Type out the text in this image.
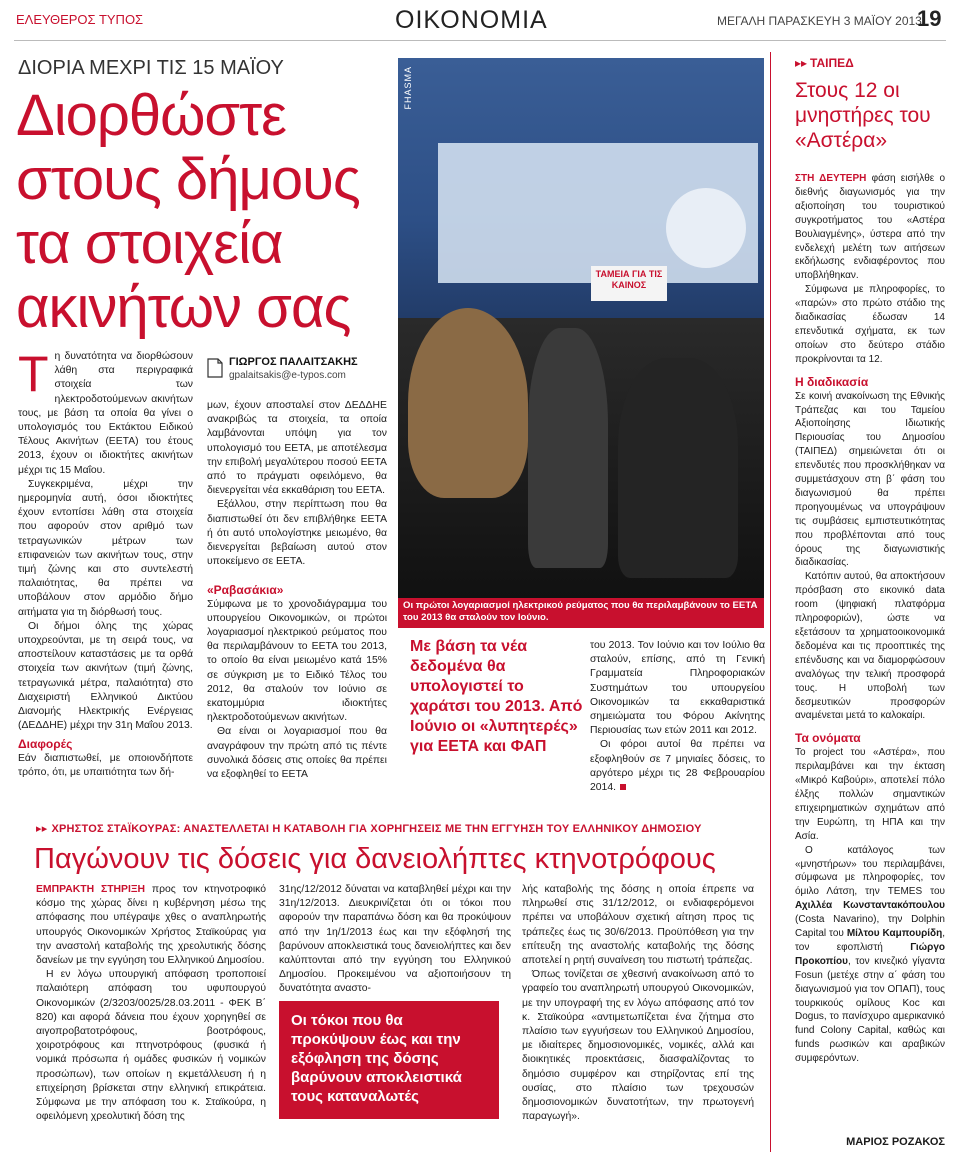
ΕΛΕΥΘΕΡΟΣ ΤΥΠΟΣ	ΟΙΚΟΝΟΜΙΑ	ΜΕΓΑΛΗ ΠΑΡΑΣΚΕΥΗ 3 ΜΑΪΟΥ 2013
19
ΔΙΟΡΙΑ ΜΕΧΡΙ ΤΙΣ 15 ΜΑΪΟΥ
Διορθώστε
στους δήμους
τα στοιχεία
ακινήτων σας

Τη δυνατότητα να διορθώσουν λάθη στα περιγραφικά στοιχεία των ηλεκτροδοτούμενων ακινήτων τους, με βάση τα οποία θα γίνει ο υπολογισμός του Εκτάκτου Ειδικού Τέλους Ακινήτων (ΕΕΤΑ) του έτους 2013, έχουν οι ιδιοκτήτες ακινήτων μέχρι τις 15 Μαΐου.

Συγκεκριμένα, μέχρι την ημερομηνία αυτή, όσοι ιδιοκτήτες έχουν εντοπίσει λάθη στα στοιχεία που αφορούν στον αριθμό των τετραγωνικών μέτρων των επιφανειών των ακινήτων τους, στην τιμή ζώνης και στο συντελεστή παλαιότητας, θα πρέπει να υποβάλουν στον αρμόδιο δήμο αιτήματα για τη διόρθωσή τους.

Οι δήμοι όλης της χώρας υποχρεούνται, με τη σειρά τους, να αποστείλουν καταστάσεις με τα ορθά στοιχεία των ακινήτων (τιμή ζώνης, τετραγωνικά μέτρα, παλαιότητα) στο Διαχειριστή Ελληνικού Δικτύου Διανομής Ηλεκτρικής Ενέργειας (ΔΕΔΔΗΕ) μέχρι την 31η Μαΐου 2013.

Διαφορές

Εάν διαπιστωθεί, με οποιονδήποτε τρόπο, ότι, με υπαιτιότητα των δή-

ΓΙΩΡΓΟΣ ΠΑΛΑΙΤΣΑΚΗΣ
gpalaitsakis@e-typos.com

μων, έχουν αποσταλεί στον ΔΕΔΔΗΕ ανακριβώς τα στοιχεία, τα οποία λαμβάνονται υπόψη για τον υπολογισμό του ΕΕΤΑ, με αποτέλεσμα την επιβολή μεγαλύτερου ποσού ΕΕΤΑ από το πράγματι οφειλόμενο, θα διενεργείται νέα εκκαθάριση του ΕΕΤΑ.

Εξάλλου, στην περίπτωση που θα διαπιστωθεί ότι δεν επιβλήθηκε ΕΕΤΑ ή ότι αυτό υπολογίστηκε μειωμένο, θα διενεργείται βεβαίωση αυτού στον υποκείμενο σε ΕΕΤΑ.

«Ραβασάκια»

Σύμφωνα με το χρονοδιάγραμμα του υπουργείου Οικονομικών, οι πρώτοι λογαριασμοί ηλεκτρικού ρεύματος που θα περιλαμβάνουν το ΕΕΤΑ του 2013, το οποίο θα είναι μειωμένο κατά 15% σε σύγκριση με το Ειδικό Τέλος του 2012, θα σταλούν τον Ιούνιο σε εκατομμύρια ιδιοκτήτες ηλεκτροδοτούμενων ακινήτων.

Θα είναι οι λογαριασμοί που θα αναγράφουν την πρώτη από τις πέντε συνολικά δόσεις στις οποίες θα πρέπει να εξοφληθεί το ΕΕΤΑ

ΤΑΜΕΙΑ ΓΙΑ ΤΙΣ ΚΑΙΝΟΣ
FHASMA
Οι πρώτοι λογαριασμοί ηλεκτρικού ρεύματος που θα περιλαμβάνουν το ΕΕΤΑ του 2013 θα σταλούν τον Ιούνιο.
Με βάση τα νέα δεδομένα θα υπολογιστεί το χαράτσι του 2013. Από Ιούνιο οι «λυπητερές» για ΕΕΤΑ και ΦΑΠ

του 2013. Τον Ιούνιο και τον Ιούλιο θα σταλούν, επίσης, από τη Γενική Γραμματεία Πληροφοριακών Συστημάτων του υπουργείου Οικονομικών τα εκκαθαριστικά σημειώματα του Φόρου Ακίνητης Περιουσίας των ετών 2011 και 2012.

Οι φόροι αυτοί θα πρέπει να εξοφληθούν σε 7 μηνιαίες δόσεις, το αργότερο μέχρι τις 28 Φεβρουαρίου 2014.

▸▸ ΤΑΙΠΕΔ
Στους 12 οι μνηστήρες του «Αστέρα»

ΣΤΗ ΔΕΥΤΕΡΗ φάση εισήλθε ο διεθνής διαγωνισμός για την αξιοποίηση του τουριστικού συγκροτήματος του «Αστέρα Βουλιαγμένης», ύστερα από την ενδελεχή μελέτη των αιτήσεων εκδήλωσης ενδιαφέροντος που υποβλήθηκαν.

Σύμφωνα με πληροφορίες, το «παρών» στο πρώτο στάδιο της διαδικασίας έδωσαν 14 επενδυτικά σχήματα, εκ των οποίων στο δεύτερο στάδιο προκρίνονται τα 12.

Η διαδικασία

Σε κοινή ανακοίνωση της Εθνικής Τράπεζας και του Ταμείου Αξιοποίησης Ιδιωτικής Περιουσίας του Δημοσίου (ΤΑΙΠΕΔ) σημειώνεται ότι οι επενδυτές που προσκλήθηκαν να συμμετάσχουν στη β΄ φάση του διαγωνισμού θα πρέπει προηγουμένως να υπογράψουν τις συμβάσεις εμπιστευτικότητας που προβλέπονται από τους όρους της διαγωνιστικής διαδικασίας.

Κατόπιν αυτού, θα αποκτήσουν πρόσβαση στο εικονικό data room (ψηφιακή πλατφόρμα πληροφοριών), ώστε να εξετάσουν τα χρηματοοικονομικά δεδομένα και τις προοπτικές της επένδυσης και να διαμορφώσουν αναλόγως την τελική προσφορά τους. Η υποβολή των δεσμευτικών προσφορών αναμένεται μετά το καλοκαίρι.

Τα ονόματα

Το project του «Αστέρα», που περιλαμβάνει και την έκταση «Μικρό Καβούρι», αποτελεί πόλο έλξης πολλών σημαντικών επιχειρηματικών σχημάτων από την Ευρώπη, τη ΗΠΑ και την Ασία.

Ο κατάλογος των «μνηστήρων» του περιλαμβάνει, σύμφωνα με πληροφορίες, τον όμιλο Λάτση, την TEMES του Αχιλλέα Κωνσταντακόπουλου (Costa Navarino), την Dolphin Capital του Μίλτου Καμπουρίδη, τον εφοπλιστή	Γιώργο Προκοπίου, τον κινεζικό γίγαντα Fosun (μετέχε στην α΄ φάση του διαγωνισμού για τον ΟΠΑΠ), τους τουρκικούς ομίλους Koc και Dogus, το πανίσχυρο αμερικανικό fund Colony Capital, καθώς και funds ρωσικών και αραβικών συμφερόντων.

ΜΑΡΙΟΣ ΡΟΖΑΚΟΣ
▸▸ ΧΡΗΣΤΟΣ ΣΤΑΪΚΟΥΡΑΣ: ΑΝΑΣΤΕΛΛΕΤΑΙ Η ΚΑΤΑΒΟΛΗ ΓΙΑ ΧΟΡΗΓΗΣΕΙΣ ΜΕ ΤΗΝ ΕΓΓΥΗΣΗ ΤΟΥ ΕΛΛΗΝΙΚΟΥ ΔΗΜΟΣΙΟΥ
Παγώνουν τις δόσεις για δανειολήπτες κτηνοτρόφους

ΕΜΠΡΑΚΤΗ ΣΤΗΡΙΞΗ προς τον κτηνοτροφικό κόσμο της χώρας δίνει η κυβέρνηση μέσω της απόφασης που υπέγραψε χθες ο αναπληρωτής υπουργός Οικονομικών Χρήστος Σταϊκούρας για την αναστολή καταβολής της χρεολυτικής δόσης δανείων με την εγγύηση του Ελληνικού Δημοσίου.

Η εν λόγω υπουργική απόφαση τροποποιεί παλαιότερη απόφαση του υφυπουργού Οικονομικών (2/3203/0025/28.03.2011 - ΦΕΚ Β΄ 820) και αφορά δάνεια που έχουν χορηγηθεί σε αιγοπροβατοτρόφους, βοοτρόφους, χοιροτρόφους και πτηνοτρόφους (φυσικά ή νομικά πρόσωπα ή ομάδες φυσικών ή νομικών προσώπων), των οποίων η εκμετάλλευση ή η επιχείρηση βρίσκεται στην ελληνική επικράτεια. Σύμφωνα με την απόφαση του κ. Σταϊκούρα, η οφειλόμενη χρεολυτική δόση της

31ης/12/2012 δύναται να καταβληθεί μέχρι και την 31η/12/2013. Διευκρινίζεται ότι οι τόκοι που αφορούν την παραπάνω δόση και θα προκύψουν από την 1η/1/2013 έως και την εξόφλησή της βαρύνουν αποκλειστικά τους δανειολήπτες και δεν καλύπτονται από την εγγύηση του Ελληνικού Δημοσίου. Προκειμένου να αξιοποιήσουν τη δυνατότητα αναστο-

Οι τόκοι που θα προκύψουν έως και την εξόφληση της δόσης βαρύνουν αποκλειστικά τους καταναλωτές

λής καταβολής της δόσης η οποία έπρεπε να πληρωθεί στις 31/12/2012, οι ενδιαφερόμενοι πρέπει να υποβάλουν σχετική αίτηση προς τις τράπεζες έως τις 30/6/2013. Προϋπόθεση για την επίτευξη της αναστολής καταβολής της δόσης αποτελεί η ρητή συναίνεση του πιστωτή τράπεζας.

Όπως τονίζεται σε χθεσινή ανακοίνωση από το γραφείο του αναπληρωτή υπουργού Οικονομικών, με την υπογραφή της εν λόγω απόφασης από τον κ. Σταϊκούρα «αντιμετωπίζεται ένα ζήτημα στο πλαίσιο των εγγυήσεων του Ελληνικού Δημοσίου, με ιδιαίτερες δημοσιονομικές, νομικές, αλλά και διοικητικές προεκτάσεις, διασφαλίζοντας το δημόσιο συμφέρον και στηρίζοντας επί της ουσίας, στο πλαίσιο των τρεχουσών δημοσιονομικών δυνατοτήτων, την πρωτογενή παραγωγή».
